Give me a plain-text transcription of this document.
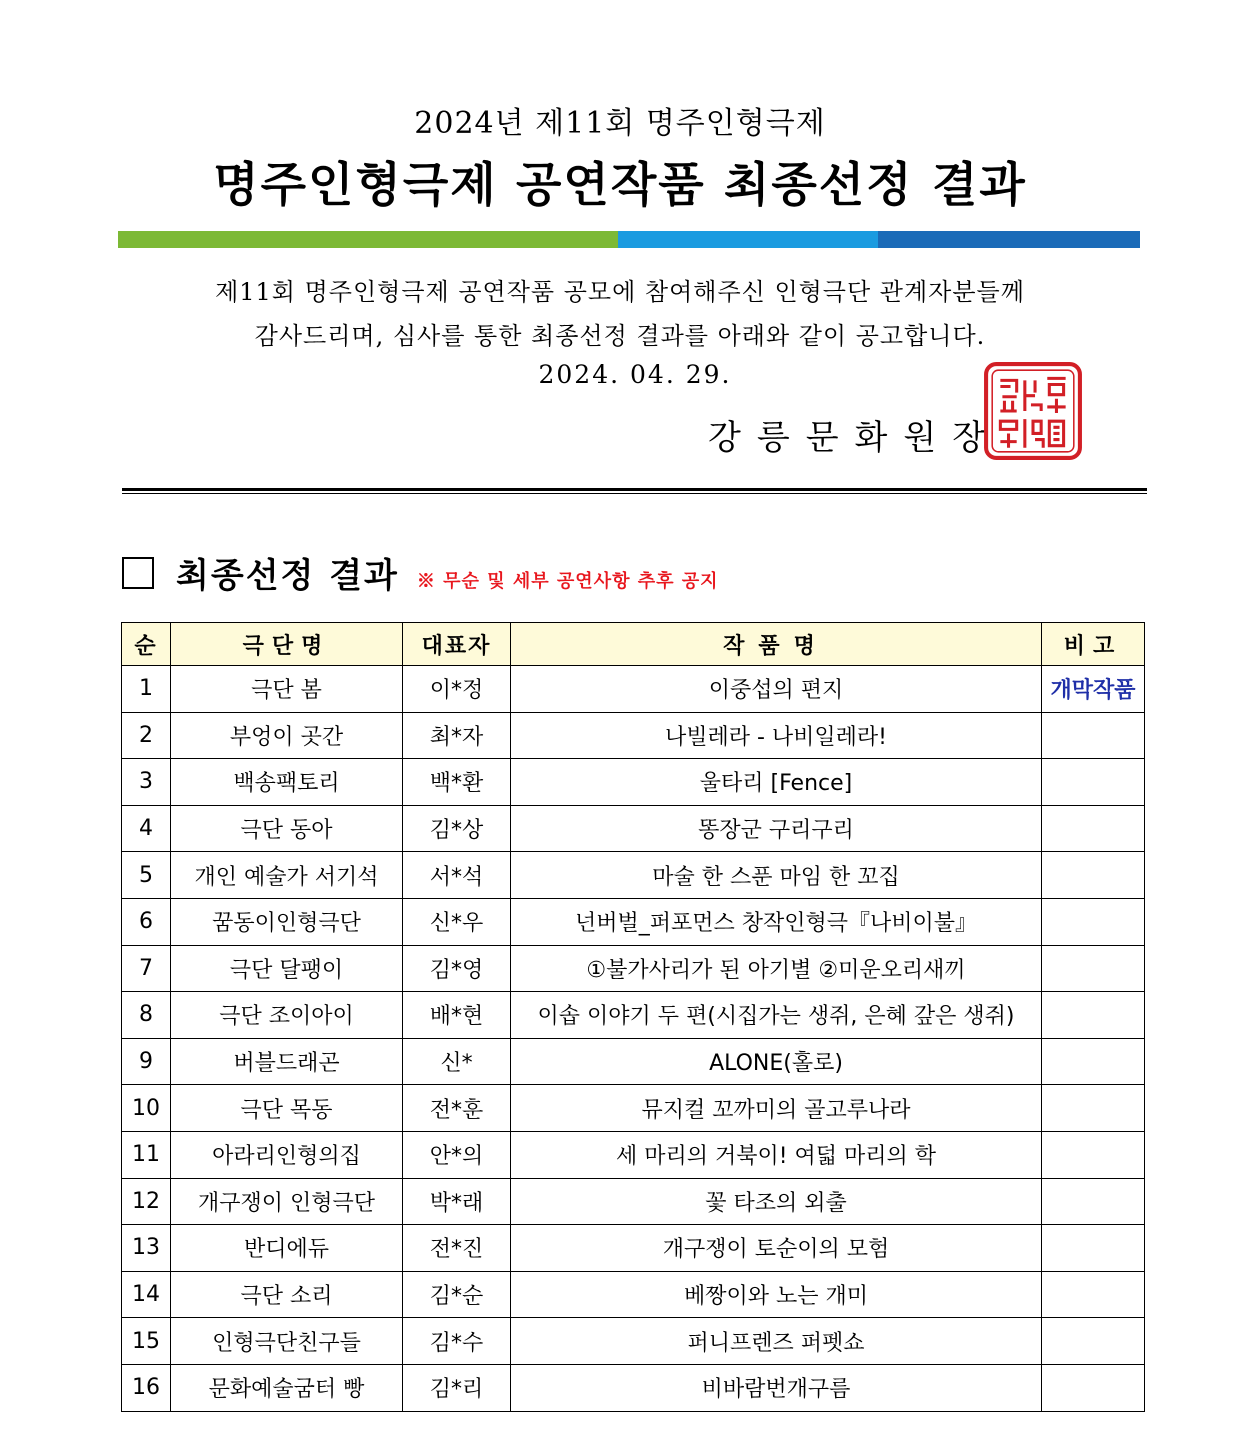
2024년 제11회 명주인형극제
명주인형극제 공연작품 최종선정 결과
제11회 명주인형극제 공연작품 공모에 참여해주신 인형극단 관계자분들께
감사드리며, 심사를 통한 최종선정 결과를 아래와 같이 공고합니다.
2024. 04. 29.
강릉문화원장
최종선정 결과 ※ 무순 및 세부 공연사항 추후 공지
순	극단명	대표자	작품명	비고
1	극단 봄	이*정	이중섭의 편지	개막작품
2	부엉이 곳간	최*자	나빌레라 - 나비일레라!	
3	백송팩토리	백*환	울타리 [Fence]	
4	극단 동아	김*상	똥장군 구리구리	
5	개인 예술가 서기석	서*석	마술 한 스푼 마임 한 꼬집	
6	꿈동이인형극단	신*우	넌버벌_퍼포먼스 창작인형극『나비이불』	
7	극단 달팽이	김*영	①불가사리가 된 아기별 ②미운오리새끼	
8	극단 조이아이	배*현	이솝 이야기 두 편(시집가는 생쥐, 은혜 갚은 생쥐)	
9	버블드래곤	신*	ALONE(홀로)	
10	극단 목동	전*훈	뮤지컬 꼬까미의 골고루나라	
11	아라리인형의집	안*의	세 마리의 거북이! 여덟 마리의 학	
12	개구쟁이 인형극단	박*래	꽃 타조의 외출	
13	반디에듀	전*진	개구쟁이 토순이의 모험	
14	극단 소리	김*순	베짱이와 노는 개미	
15	인형극단친구들	김*수	퍼니프렌즈 퍼펫쇼	
16	문화예술굼터 빵	김*리	비바람번개구름	
